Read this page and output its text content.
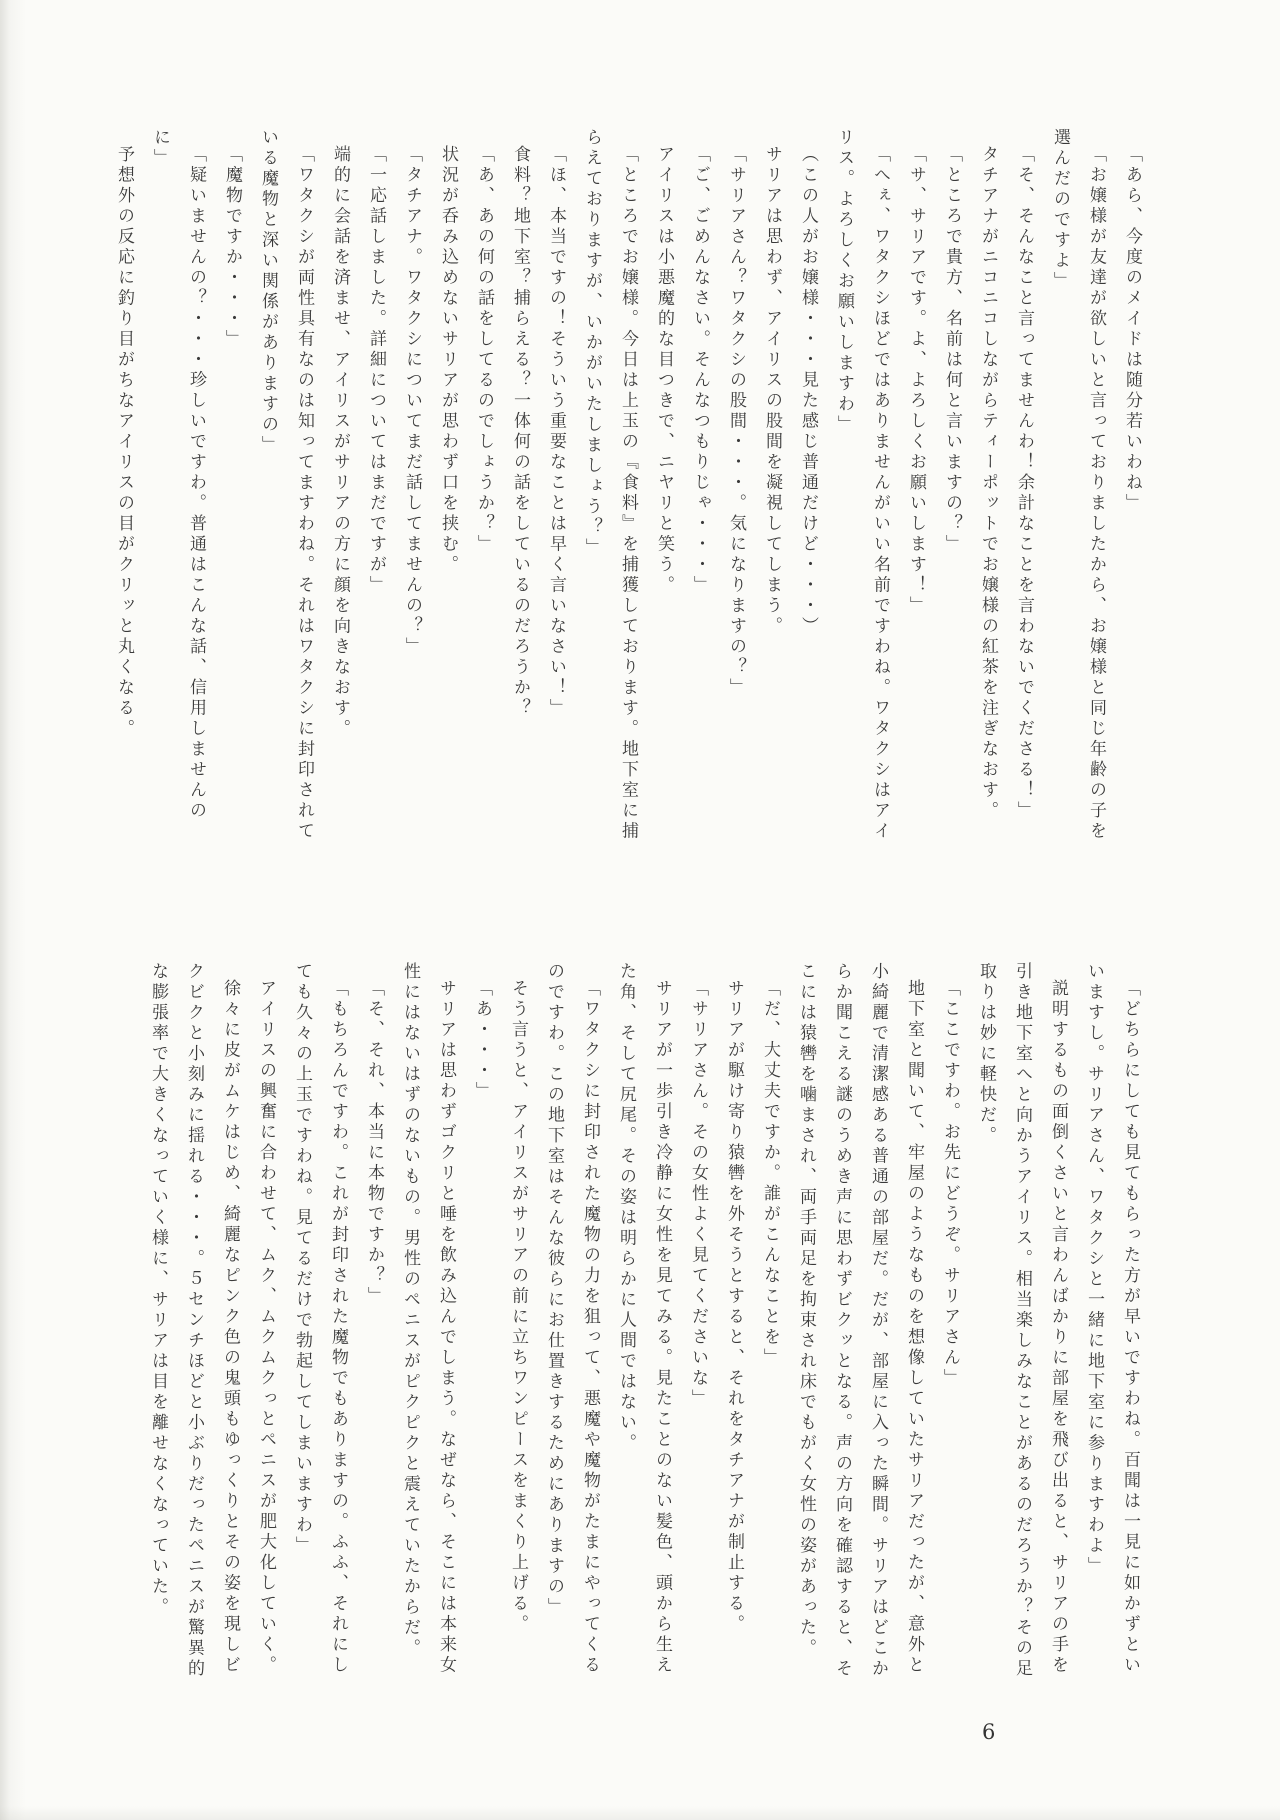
「あら、今度のメイドは随分若いわね」

「お嬢様が友達が欲しいと言っておりましたから、お嬢様と同じ年齢の子を選んだのですよ」

「そ、そんなこと言ってませんわ！余計なことを言わないでくださる！」

タチアナがニコニコしながらティーポットでお嬢様の紅茶を注ぎなおす。

「ところで貴方、名前は何と言いますの？」

「サ、サリアです。よ、よろしくお願いします！」

「へぇ、ワタクシほどではありませんがいい名前ですわね。ワタクシはアイリス。よろしくお願いしますわ」

（この人がお嬢様・・・見た感じ普通だけど・・・）

サリアは思わず、アイリスの股間を凝視してしまう。

「サリアさん？ワタクシの股間・・・。気になりますの？」

「ご、ごめんなさい。そんなつもりじゃ・・・」

アイリスは小悪魔的な目つきで、ニヤリと笑う。

「ところでお嬢様。今日は上玉の『食料』を捕獲しております。地下室に捕らえておりますが、いかがいたしましょう？」

「ほ、本当ですの！そういう重要なことは早く言いなさい！」

食料？地下室？捕らえる？一体何の話をしているのだろうか？

「あ、あの何の話をしてるのでしょうか？」

状況が呑み込めないサリアが思わず口を挟む。

「タチアナ。ワタクシについてまだ話してませんの？」

「一応話しました。詳細についてはまだですが」

端的に会話を済ませ、アイリスがサリアの方に顔を向きなおす。

「ワタクシが両性具有なのは知ってますわね。それはワタクシに封印されている魔物と深い関係がありますの」

「魔物ですか・・・」

「疑いませんの？・・・珍しいですわ。普通はこんな話、信用しませんのに」

予想外の反応に釣り目がちなアイリスの目がクリッと丸くなる。

「どちらにしても見てもらった方が早いですわね。百聞は一見に如かずといいますし。サリアさん、ワタクシと一緒に地下室に参りますわよ」

説明するもの面倒くさいと言わんばかりに部屋を飛び出ると、サリアの手を引き地下室へと向かうアイリス。相当楽しみなことがあるのだろうか？その足取りは妙に軽快だ。

「ここですわ。お先にどうぞ。サリアさん」

地下室と聞いて、牢屋のようなものを想像していたサリアだったが、意外と小綺麗で清潔感ある普通の部屋だ。だが、部屋に入った瞬間。サリアはどこからか聞こえる謎のうめき声に思わずビクッとなる。声の方向を確認すると、そこには猿轡を噛まされ、両手両足を拘束され床でもがく女性の姿があった。

「だ、大丈夫ですか。誰がこんなことを」

サリアが駆け寄り猿轡を外そうとすると、それをタチアナが制止する。

「サリアさん。その女性よく見てくださいな」

サリアが一歩引き冷静に女性を見てみる。見たことのない髪色、頭から生えた角、そして尻尾。その姿は明らかに人間ではない。

「ワタクシに封印された魔物の力を狙って、悪魔や魔物がたまにやってくるのですわ。この地下室はそんな彼らにお仕置きするためにありますの」

そう言うと、アイリスがサリアの前に立ちワンピースをまくり上げる。

「あ・・・」

サリアは思わずゴクリと唾を飲み込んでしまう。なぜなら、そこには本来女性にはないはずのないもの。男性のペニスがピクピクと震えていたからだ。

「そ、それ、本当に本物ですか？」

「もちろんですわ。これが封印された魔物でもありますの。ふふ、それにしても久々の上玉ですわね。見てるだけで勃起してしまいますわ」

アイリスの興奮に合わせて、ムク、ムクムクっとペニスが肥大化していく。

徐々に皮がムケはじめ、綺麗なピンク色の鬼頭もゆっくりとその姿を現しビクビクと小刻みに揺れる・・・。５センチほどと小ぶりだったペニスが驚異的な膨張率で大きくなっていく様に、サリアは目を離せなくなっていた。

6
